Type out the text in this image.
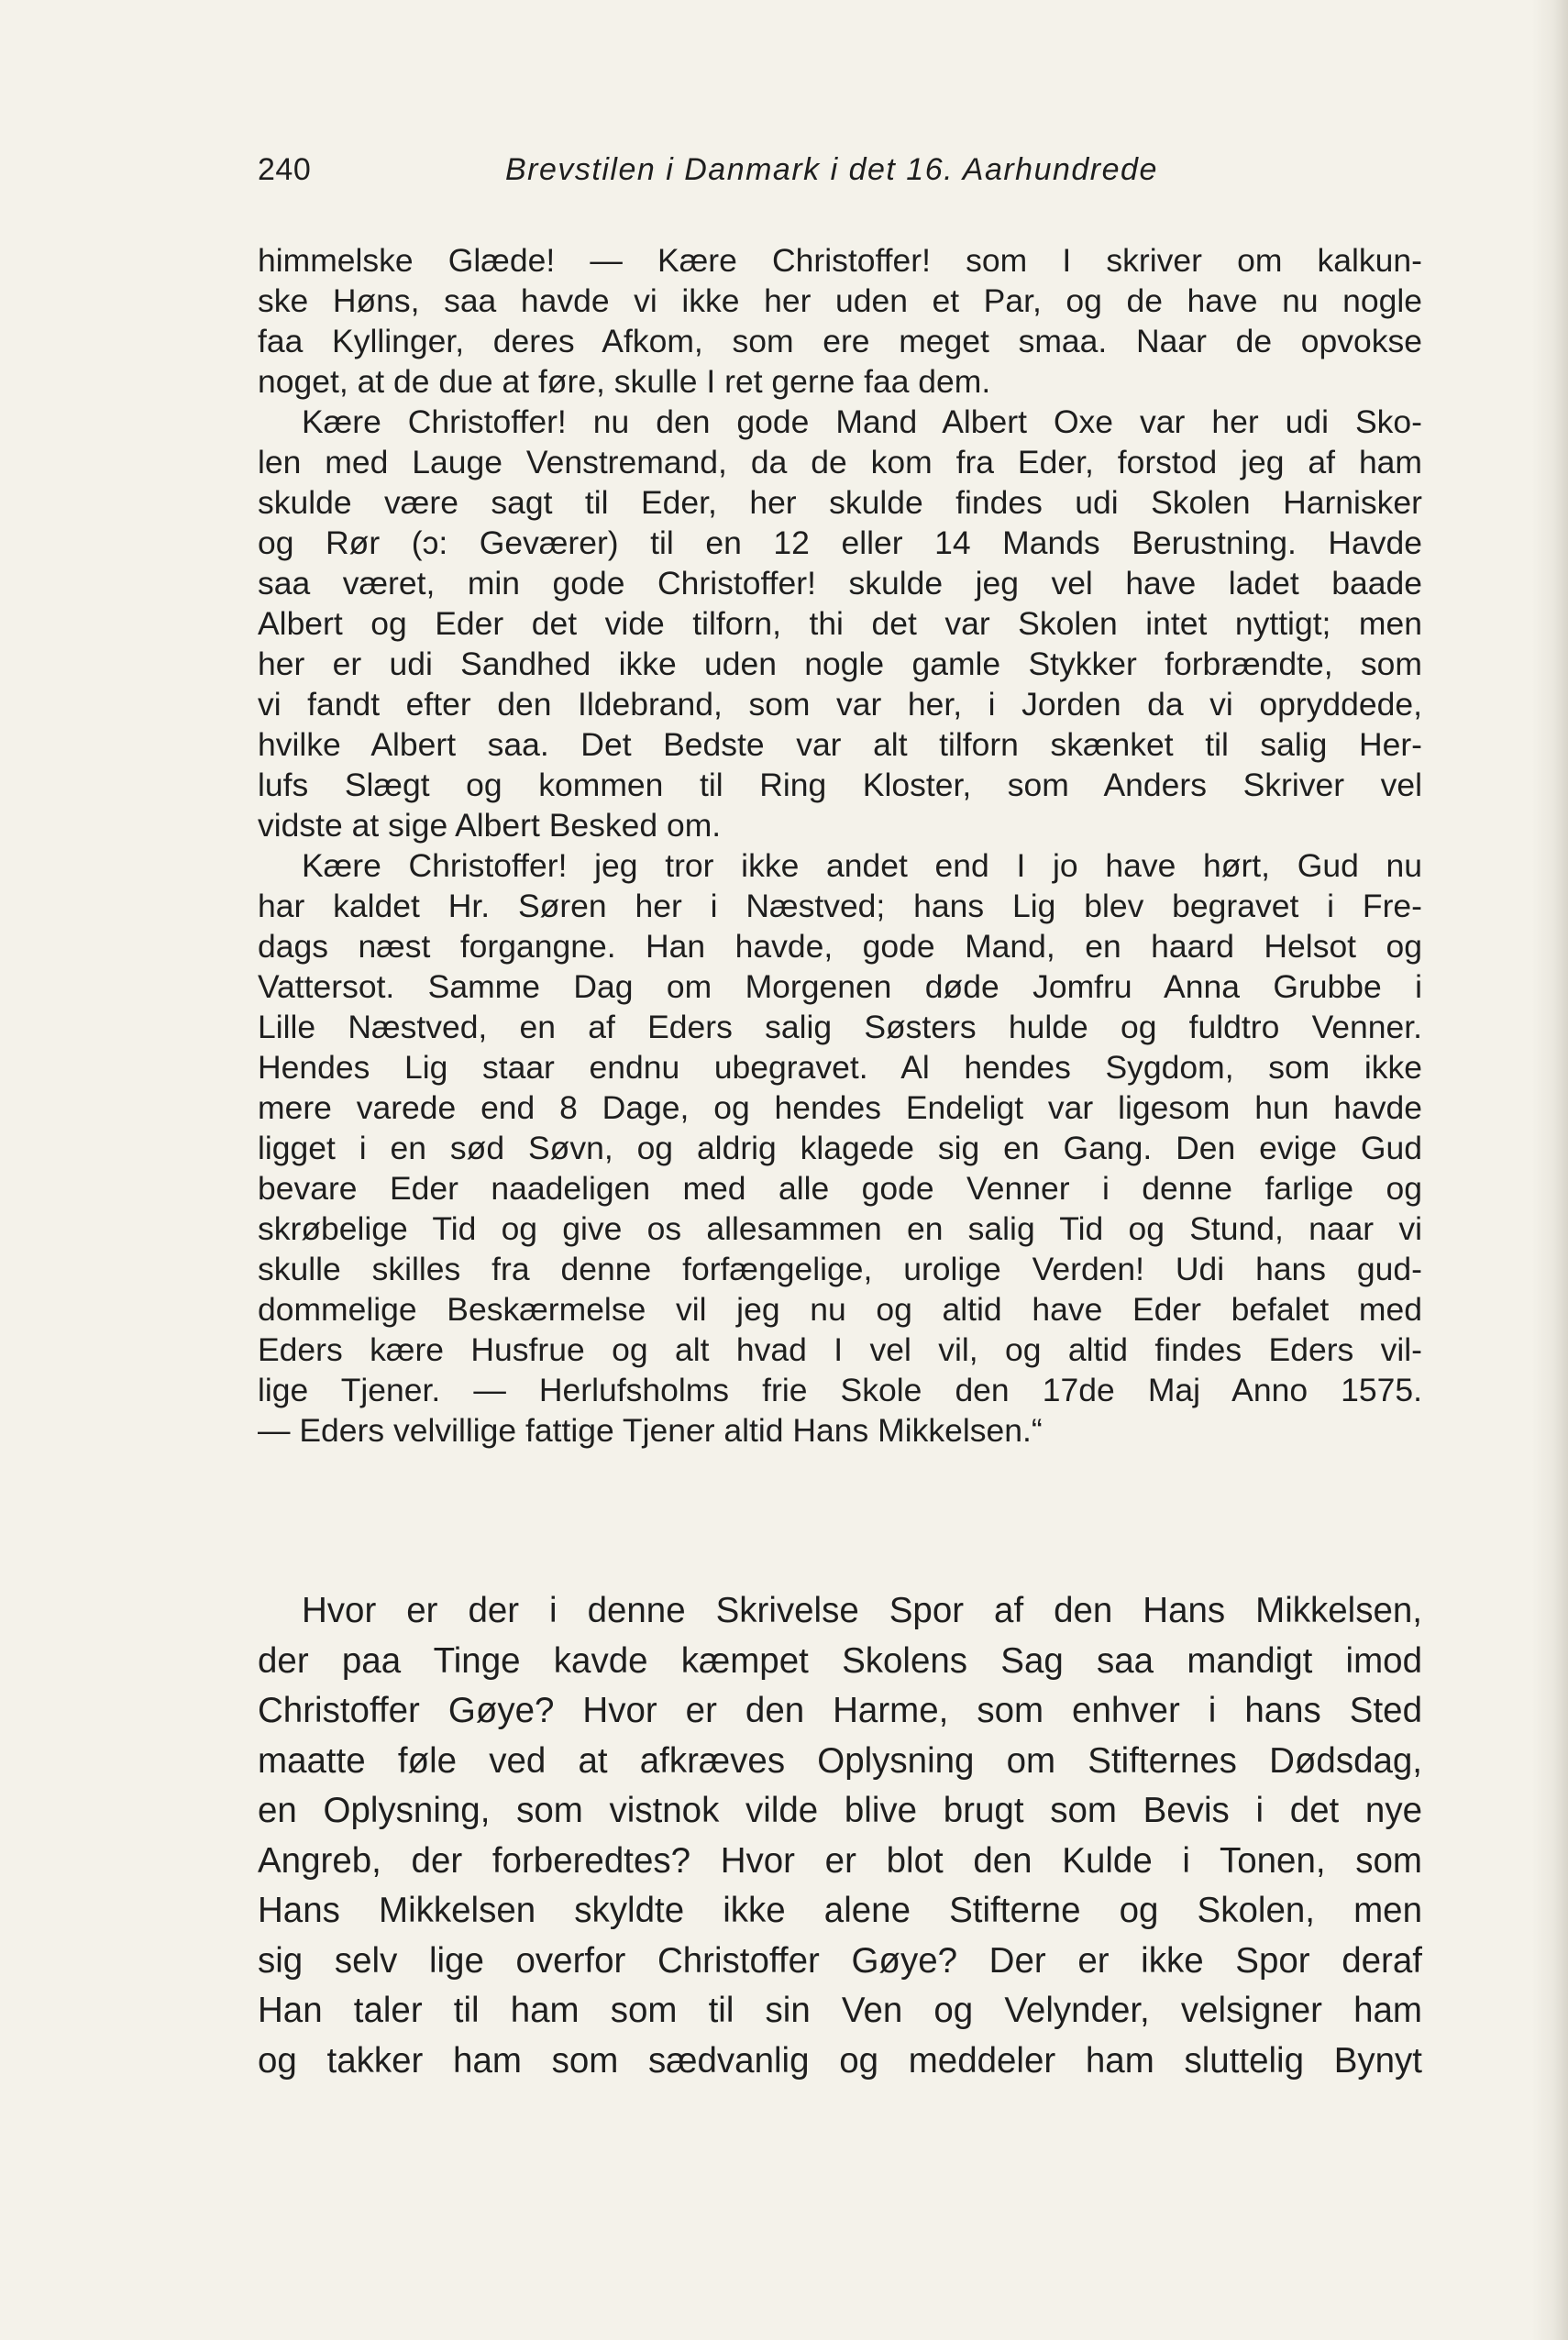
240	Brevstilen i Danmark i det 16. Aarhundrede
himmelske Glæde! — Kære Christoffer! som I skriver om kalkun-
ske Høns, saa havde vi ikke her uden et Par, og de have nu nogle
faa Kyllinger, deres Afkom, som ere meget smaa. Naar de opvokse
noget, at de due at føre, skulle I ret gerne faa dem.
Kære Christoffer! nu den gode Mand Albert Oxe var her udi Sko-
len med Lauge Venstremand, da de kom fra Eder, forstod jeg af ham
skulde være sagt til Eder, her skulde findes udi Skolen Harnisker
og Rør (ɔ: Geværer) til en 12 eller 14 Mands Berustning. Havde
saa været, min gode Christoffer! skulde jeg vel have ladet baade
Albert og Eder det vide tilforn, thi det var Skolen intet nyttigt; men
her er udi Sandhed ikke uden nogle gamle Stykker forbrændte, som
vi fandt efter den Ildebrand, som var her, i Jorden da vi opryddede,
hvilke Albert saa. Det Bedste var alt tilforn skænket til salig Her-
lufs Slægt og kommen til Ring Kloster, som Anders Skriver vel
vidste at sige Albert Besked om.
Kære Christoffer! jeg tror ikke andet end I jo have hørt, Gud nu
har kaldet Hr. Søren her i Næstved; hans Lig blev begravet i Fre-
dags næst forgangne. Han havde, gode Mand, en haard Helsot og
Vattersot. Samme Dag om Morgenen døde Jomfru Anna Grubbe i
Lille Næstved, en af Eders salig Søsters hulde og fuldtro Venner.
Hendes Lig staar endnu ubegravet. Al hendes Sygdom, som ikke
mere varede end 8 Dage, og hendes Endeligt var ligesom hun havde
ligget i en sød Søvn, og aldrig klagede sig en Gang. Den evige Gud
bevare Eder naadeligen med alle gode Venner i denne farlige og
skrøbelige Tid og give os allesammen en salig Tid og Stund, naar vi
skulle skilles fra denne forfængelige, urolige Verden! Udi hans gud-
dommelige Beskærmelse vil jeg nu og altid have Eder befalet med
Eders kære Husfrue og alt hvad I vel vil, og altid findes Eders vil-
lige Tjener. — Herlufsholms frie Skole den 17de Maj Anno 1575.
— Eders velvillige fattige Tjener altid Hans Mikkelsen.“
Hvor er der i denne Skrivelse Spor af den Hans Mikkelsen,
der paa Tinge kavde kæmpet Skolens Sag saa mandigt imod
Christoffer Gøye? Hvor er den Harme, som enhver i hans Sted
maatte føle ved at afkræves Oplysning om Stifternes Dødsdag,
en Oplysning, som vistnok vilde blive brugt som Bevis i det nye
Angreb, der forberedtes? Hvor er blot den Kulde i Tonen, som
Hans Mikkelsen skyldte ikke alene Stifterne og Skolen, men
sig selv lige overfor Christoffer Gøye? Der er ikke Spor deraf
Han taler til ham som til sin Ven og Velynder, velsigner ham
og takker ham som sædvanlig og meddeler ham sluttelig Bynyt
